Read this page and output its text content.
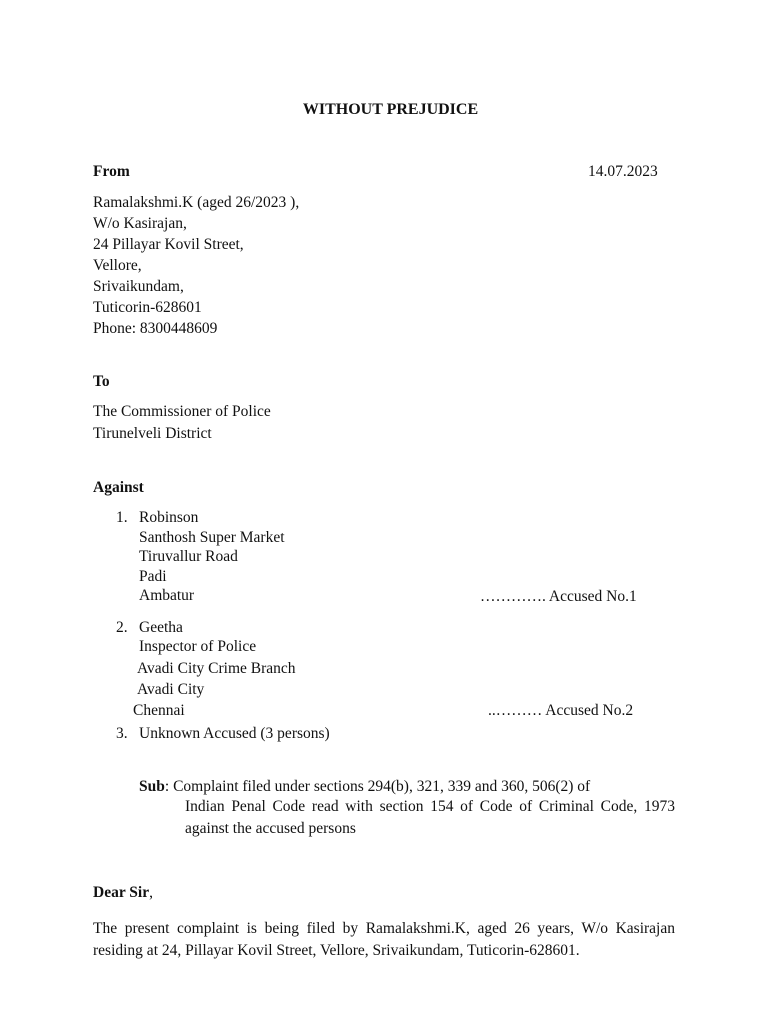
WITHOUT PREJUDICE
From	14.07.2023
Ramalakshmi.K (aged 26/2023 ),
W/o Kasirajan,
24 Pillayar Kovil Street,
Vellore,
Srivaikundam,
Tuticorin-628601
Phone: 8300448609
To
The Commissioner of Police
Tirunelveli District
Against
1. Robinson
Santhosh Super Market
Tiruvallur Road
Padi
Ambatur	…………. Accused No.1
2. Geetha
Inspector of Police
Avadi City Crime Branch
Avadi City
Chennai	..……… Accused No.2
3. Unknown Accused (3 persons)
Sub: Complaint filed under sections 294(b), 321, 339 and 360, 506(2) of
Indian Penal Code read with section 154 of Code of Criminal Code, 1973 against the accused persons
Dear Sir,
The present complaint is being filed by Ramalakshmi.K, aged 26 years, W/o Kasirajan residing at 24, Pillayar Kovil Street, Vellore, Srivaikundam, Tuticorin-628601.
